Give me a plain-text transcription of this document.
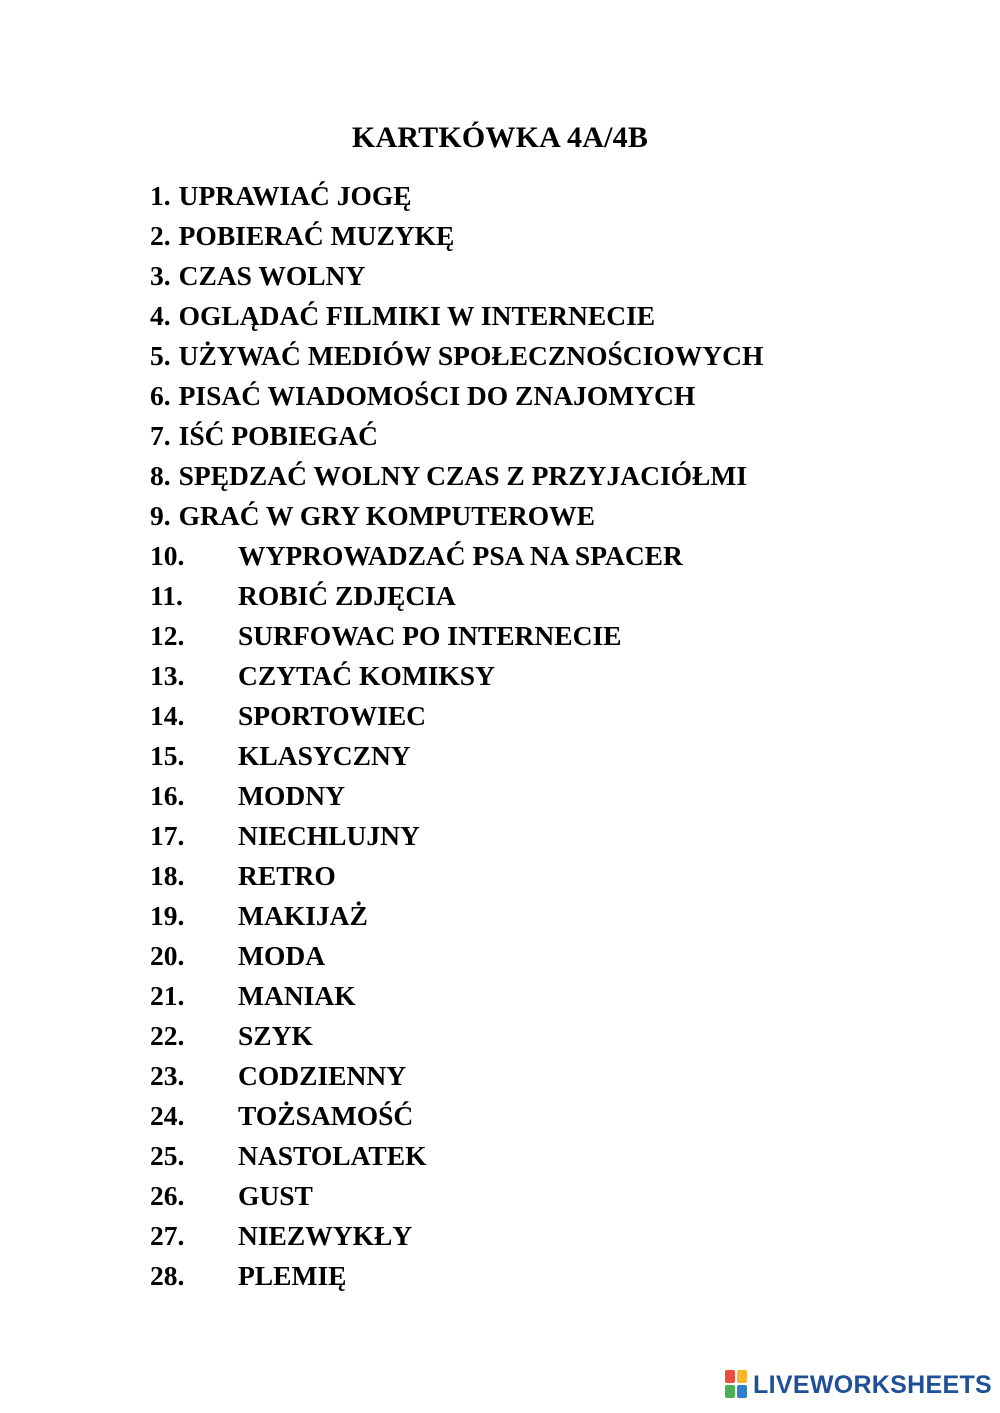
KARTKÓWKA 4A/4B
1. UPRAWIAĆ JOGĘ
2. POBIERAĆ MUZYKĘ
3. CZAS WOLNY
4. OGLĄDAĆ FILMIKI W INTERNECIE
5. UŻYWAĆ MEDIÓW SPOŁECZNOŚCIOWYCH
6. PISAĆ WIADOMOŚCI DO ZNAJOMYCH
7. IŚĆ POBIEGAĆ
8. SPĘDZAĆ WOLNY CZAS Z PRZYJACIÓŁMI
9. GRAĆ W GRY KOMPUTEROWE
10. WYPROWADZAĆ PSA NA SPACER
11. ROBIĆ ZDJĘCIA
12. SURFOWAC PO INTERNECIE
13. CZYTAĆ KOMIKSY
14. SPORTOWIEC
15. KLASYCZNY
16. MODNY
17. NIECHLUJNY
18. RETRO
19. MAKIJAŻ
20. MODA
21. MANIAK
22. SZYK
23. CODZIENNY
24. TOŻSAMOŚĆ
25. NASTOLATEK
26. GUST
27. NIEZWYKŁY
28. PLEMIĘ
LIVEWORKSHEETS
